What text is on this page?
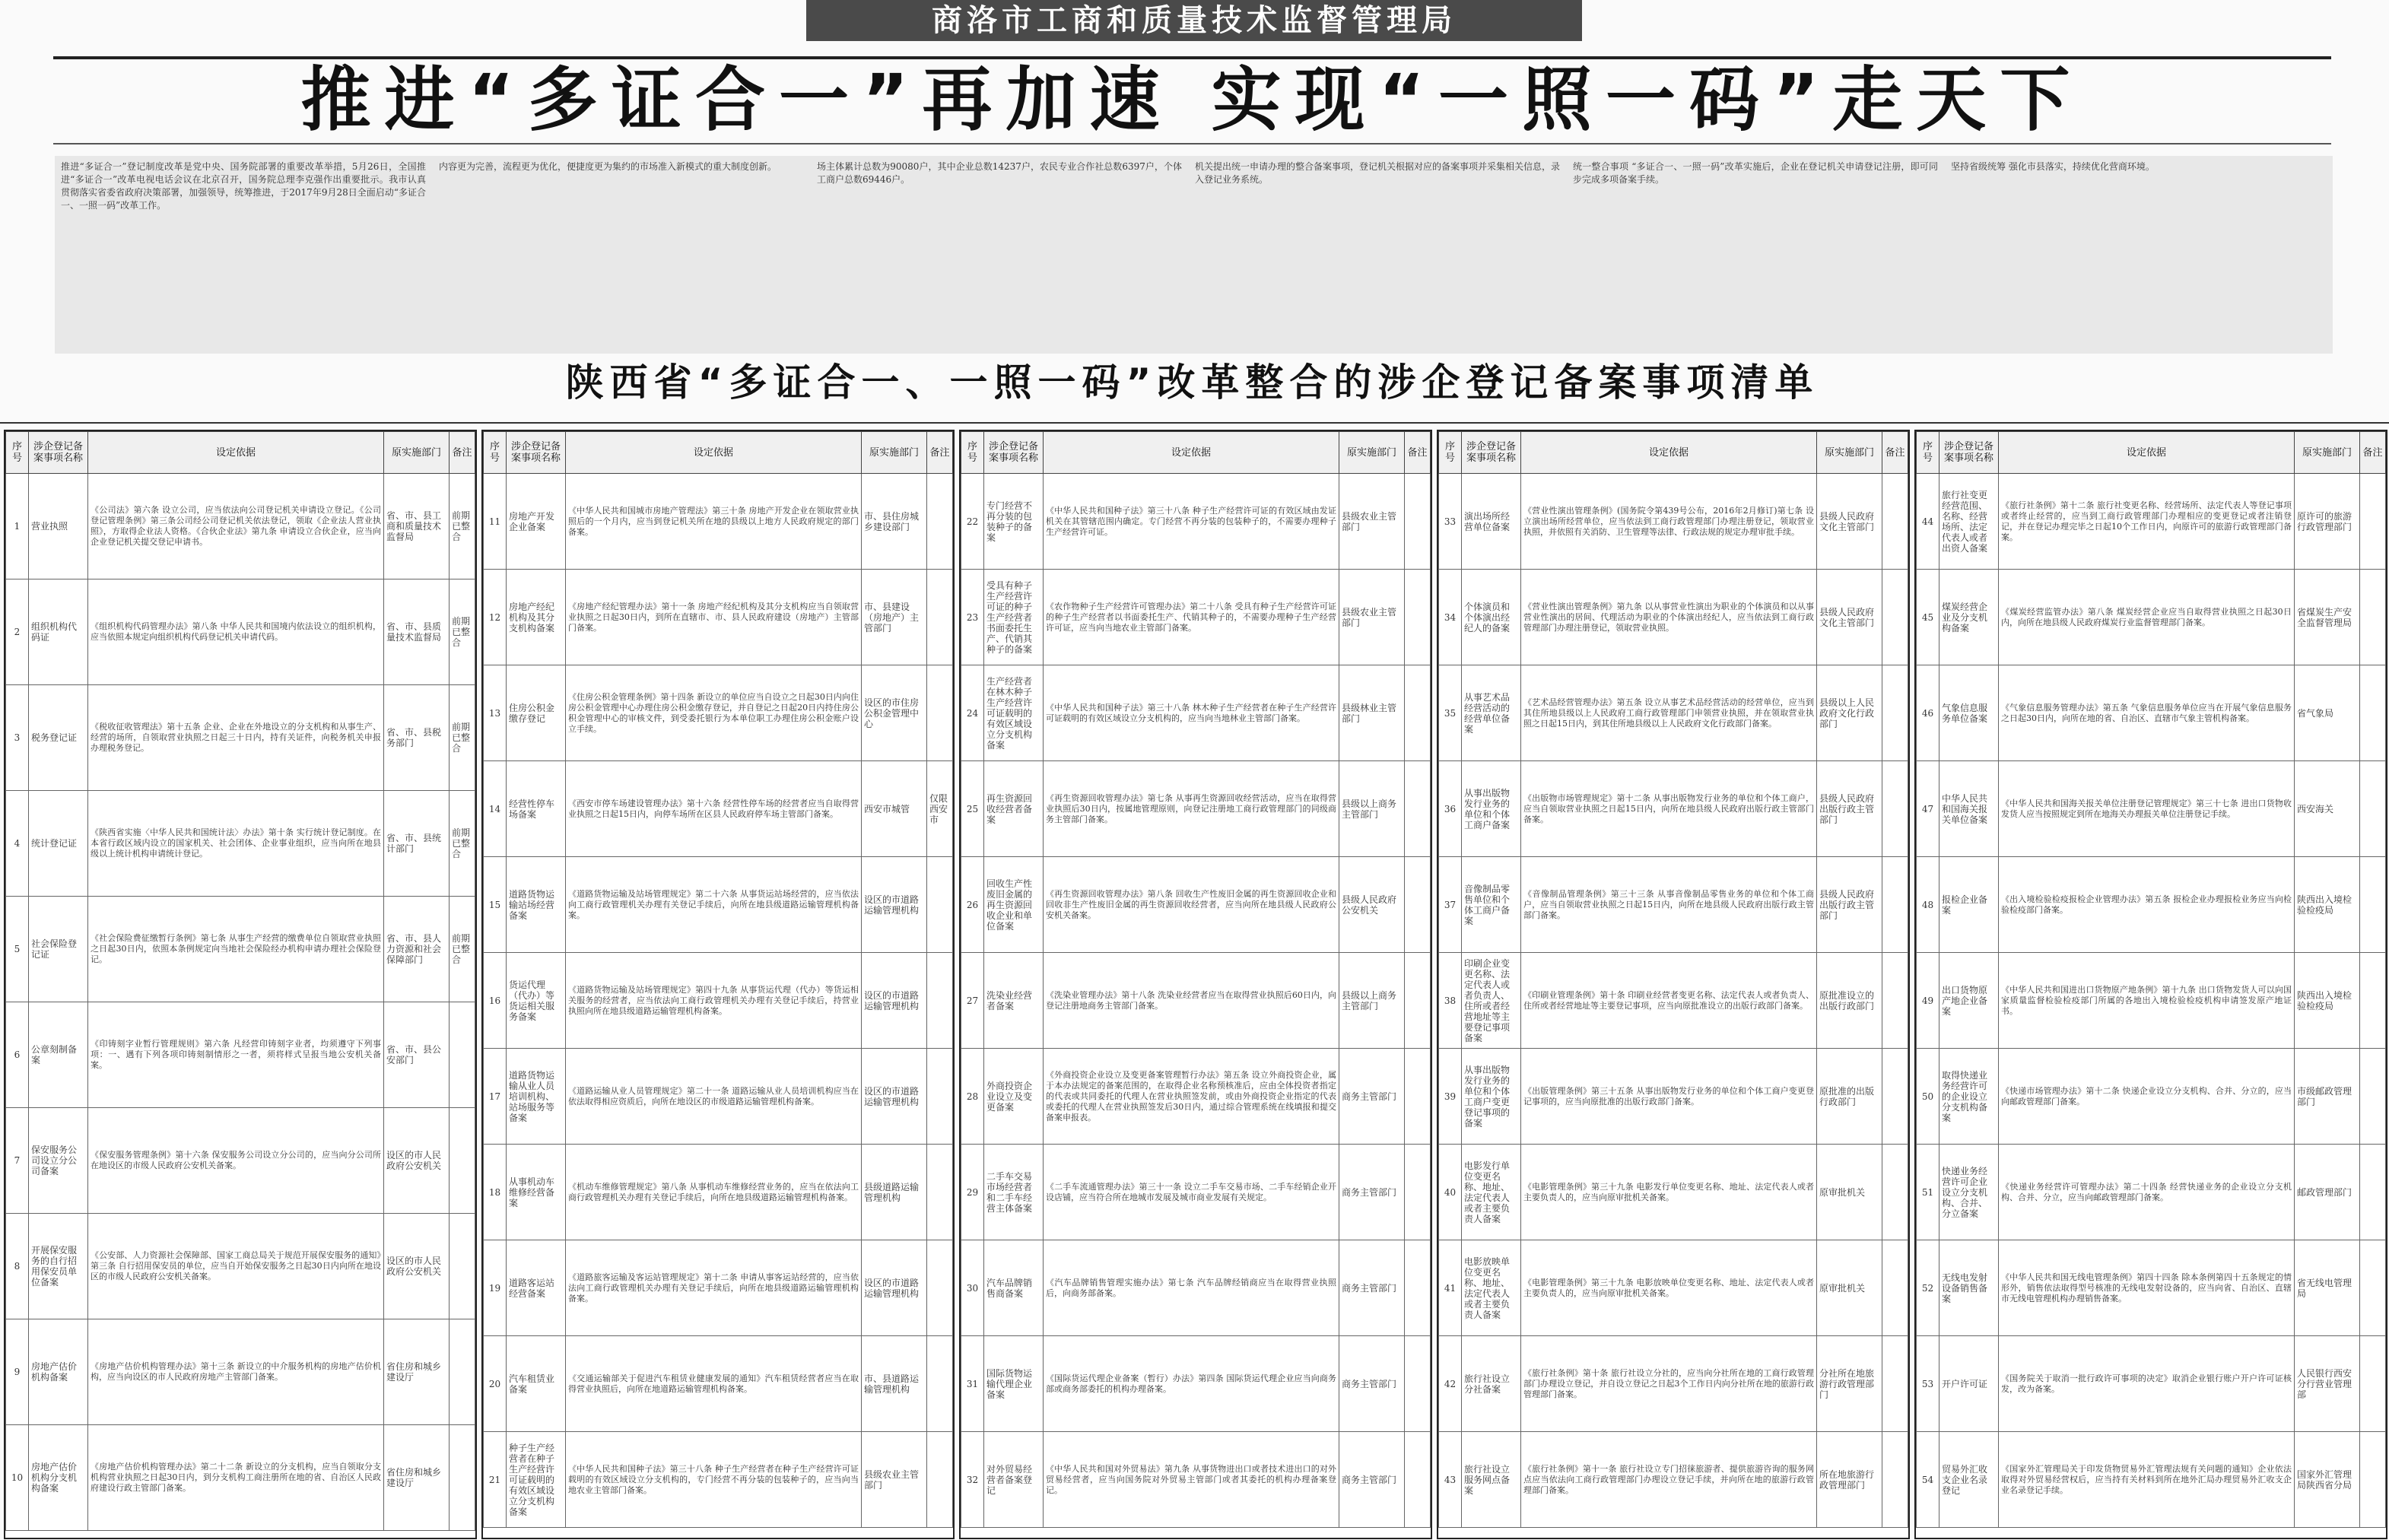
商洛市工商和质量技术监督管理局
推进“多证合一”再加速 实现“一照一码”走天下
推进“多证合一”登记制度改革是党中央、国务院部署的重要改革举措，5月26日，全国推进“多证合一”改革电视电话会议在北京召开，国务院总理李克强作出重要批示。我市认真贯彻落实省委省政府决策部署，加强领导，统筹推进，于2017年9月28日全面启动“多证合一、一照一码”改革工作。
内容更为完善，流程更为优化，便捷度更为集约的市场准入新模式的重大制度创新。	场主体累计总数为90080户，其中企业总数14237户，农民专业合作社总数6397户，个体工商户总数69446户。
机关提出统一申请办理的整合备案事项，登记机关根据对应的备案事项并采集相关信息，录入登记业务系统。
统一整合事项 “多证合一、一照一码”改革实施后，企业在登记机关申请登记注册，即可同步完成多项备案手续。
坚持省级统筹 强化市县落实，持续优化营商环境。
陕西省“多证合一、一照一码”改革整合的涉企登记备案事项清单
序号	涉企登记备案事项名称	设定依据	原实施部门	备注
1	营业执照	《公司法》第六条 设立公司，应当依法向公司登记机关申请设立登记。《公司登记管理条例》第三条公司经公司登记机关依法登记，领取《企业法人营业执照》，方取得企业法人资格。《合伙企业法》第九条 申请设立合伙企业，应当向企业登记机关提交登记申请书。	省、市、县工商和质量技术监督局	前期已整合
2	组织机构代码证	《组织机构代码管理办法》第八条 中华人民共和国境内依法设立的组织机构，应当依照本规定向组织机构代码登记机关申请代码。	省、市、县质量技术监督局	前期已整合
3	税务登记证	《税收征收管理法》第十五条 企业、企业在外地设立的分支机构和从事生产、经营的场所，自领取营业执照之日起三十日内，持有关证件，向税务机关申报办理税务登记。	省、市、县税务部门	前期已整合
4	统计登记证	《陕西省实施〈中华人民共和国统计法〉办法》第十条 实行统计登记制度。在本省行政区域内设立的国家机关、社会团体、企业事业组织，应当向所在地县级以上统计机构申请统计登记。	省、市、县统计部门	前期已整合
5	社会保险登记证	《社会保险费征缴暂行条例》第七条 从事生产经营的缴费单位自领取营业执照之日起30日内，依照本条例规定向当地社会保险经办机构申请办理社会保险登记。	省、市、县人力资源和社会保障部门	前期已整合
6	公章刻制备案	《印铸刻字业暂行管理规则》第六条 凡经营印铸刻字业者，均须遵守下列事项：一、遇有下列各项印铸刻制情形之一者，须将样式呈报当地公安机关备案。	省、市、县公安部门	
7	保安服务公司设立分公司备案	《保安服务管理条例》第十六条 保安服务公司设立分公司的，应当向分公司所在地设区的市级人民政府公安机关备案。	设区的市人民政府公安机关	
8	开展保安服务的自行招用保安员单位备案	《公安部、人力资源社会保障部、国家工商总局关于规范开展保安服务的通知》第三条 自行招用保安员的单位，应当自开始保安服务之日起30日内向所在地设区的市级人民政府公安机关备案。	设区的市人民政府公安机关	
9	房地产估价机构备案	《房地产估价机构管理办法》第十三条 新设立的中介服务机构的房地产估价机构，应当向设区的市人民政府房地产主管部门备案。	省住房和城乡建设厅	
10	房地产估价机构分支机构备案	《房地产估价机构管理办法》第二十二条 新设立的分支机构，应当自领取分支机构营业执照之日起30日内，到分支机构工商注册所在地的省、自治区人民政府建设行政主管部门备案。	省住房和城乡建设厅	
序号	涉企登记备案事项名称	设定依据	原实施部门	备注
11	房地产开发企业备案	《中华人民共和国城市房地产管理法》第三十条 房地产开发企业在领取营业执照后的一个月内，应当到登记机关所在地的县级以上地方人民政府规定的部门备案。	市、县住房城乡建设部门	
12	房地产经纪机构及其分支机构备案	《房地产经纪管理办法》第十一条 房地产经纪机构及其分支机构应当自领取营业执照之日起30日内，到所在直辖市、市、县人民政府建设（房地产）主管部门备案。	市、县建设（房地产）主管部门	
13	住房公积金缴存登记	《住房公积金管理条例》第十四条 新设立的单位应当自设立之日起30日内向住房公积金管理中心办理住房公积金缴存登记，并自登记之日起20日内持住房公积金管理中心的审核文件，到受委托银行为本单位职工办理住房公积金账户设立手续。	设区的市住房公积金管理中心	
14	经营性停车场备案	《西安市停车场建设管理办法》第十六条 经营性停车场的经营者应当自取得营业执照之日起15日内，向停车场所在区县人民政府停车场主管部门备案。	西安市城管	仅限西安市
15	道路货物运输站场经营备案	《道路货物运输及站场管理规定》第二十六条 从事货运站场经营的，应当依法向工商行政管理机关办理有关登记手续后，向所在地县级道路运输管理机构备案。	设区的市道路运输管理机构	
16	货运代理（代办）等货运相关服务备案	《道路货物运输及站场管理规定》第四十九条 从事货运代理（代办）等货运相关服务的经营者，应当依法向工商行政管理机关办理有关登记手续后，持营业执照向所在地县级道路运输管理机构备案。	设区的市道路运输管理机构	
17	道路货物运输从业人员培训机构、站场服务等备案	《道路运输从业人员管理规定》第二十一条 道路运输从业人员培训机构应当在依法取得相应资质后，向所在地设区的市级道路运输管理机构备案。	设区的市道路运输管理机构	
18	从事机动车维修经营备案	《机动车维修管理规定》第八条 从事机动车维修经营业务的，应当在依法向工商行政管理机关办理有关登记手续后，向所在地县级道路运输管理机构备案。	县级道路运输管理机构	
19	道路客运站经营备案	《道路旅客运输及客运站管理规定》第十二条 申请从事客运站经营的，应当依法向工商行政管理机关办理有关登记手续后，向所在地县级道路运输管理机构备案。	设区的市道路运输管理机构	
20	汽车租赁业备案	《交通运输部关于促进汽车租赁业健康发展的通知》汽车租赁经营者应当在取得营业执照后，向所在地道路运输管理机构备案。	市、县道路运输管理机构	
21	种子生产经营者在种子生产经营许可证载明的有效区域设立分支机构备案	《中华人民共和国种子法》第三十八条 种子生产经营者在种子生产经营许可证载明的有效区域设立分支机构的，专门经营不再分装的包装种子的，应当向当地农业主管部门备案。	县级农业主管部门	
序号	涉企登记备案事项名称	设定依据	原实施部门	备注
22	专门经营不再分装的包装种子的备案	《中华人民共和国种子法》第三十八条 种子生产经营许可证的有效区域由发证机关在其管辖范围内确定。专门经营不再分装的包装种子的，不需要办理种子生产经营许可证。	县级农业主管部门	
23	受具有种子生产经营许可证的种子生产经营者书面委托生产、代销其种子的备案	《农作物种子生产经营许可管理办法》第二十八条 受具有种子生产经营许可证的种子生产经营者以书面委托生产、代销其种子的，不需要办理种子生产经营许可证，应当向当地农业主管部门备案。	县级农业主管部门	
24	生产经营者在林木种子生产经营许可证载明的有效区域设立分支机构备案	《中华人民共和国种子法》第三十八条 林木种子生产经营者在种子生产经营许可证载明的有效区域设立分支机构的，应当向当地林业主管部门备案。	县级林业主管部门	
25	再生资源回收经营者备案	《再生资源回收管理办法》第七条 从事再生资源回收经营活动，应当在取得营业执照后30日内，按属地管理原则，向登记注册地工商行政管理部门的同级商务主管部门备案。	县级以上商务主管部门	
26	回收生产性废旧金属的再生资源回收企业和单位备案	《再生资源回收管理办法》第八条 回收生产性废旧金属的再生资源回收企业和回收非生产性废旧金属的再生资源回收经营者，应当向所在地县级人民政府公安机关备案。	县级人民政府公安机关	
27	洗染业经营者备案	《洗染业管理办法》第十八条 洗染业经营者应当在取得营业执照后60日内，向登记注册地商务主管部门备案。	县级以上商务主管部门	
28	外商投资企业设立及变更备案	《外商投资企业设立及变更备案管理暂行办法》第五条 设立外商投资企业，属于本办法规定的备案范围的，在取得企业名称预核准后，应由全体投资者指定的代表或共同委托的代理人在营业执照签发前，或由外商投资企业指定的代表或委托的代理人在营业执照签发后30日内，通过综合管理系统在线填报和提交备案申报表。	商务主管部门	
29	二手车交易市场经营者和二手车经营主体备案	《二手车流通管理办法》第三十一条 设立二手车交易市场、二手车经销企业开设店铺，应当符合所在地城市发展及城市商业发展有关规定。	商务主管部门	
30	汽车品牌销售商备案	《汽车品牌销售管理实施办法》第七条 汽车品牌经销商应当在取得营业执照后，向商务部备案。	商务主管部门	
31	国际货物运输代理企业备案	《国际货运代理企业备案（暂行）办法》第四条 国际货运代理企业应当向商务部或商务部委托的机构办理备案。	商务主管部门	
32	对外贸易经营者备案登记	《中华人民共和国对外贸易法》第九条 从事货物进出口或者技术进出口的对外贸易经营者，应当向国务院对外贸易主管部门或者其委托的机构办理备案登记。	商务主管部门	
序号	涉企登记备案事项名称	设定依据	原实施部门	备注
33	演出场所经营单位备案	《营业性演出管理条例》(国务院令第439号公布，2016年2月修订)第七条 设立演出场所经营单位，应当依法到工商行政管理部门办理注册登记，领取营业执照，并依照有关消防、卫生管理等法律、行政法规的规定办理审批手续。	县级人民政府文化主管部门	
34	个体演员和个体演出经纪人的备案	《营业性演出管理条例》第九条 以从事营业性演出为职业的个体演员和以从事营业性演出的居间、代理活动为职业的个体演出经纪人，应当依法到工商行政管理部门办理注册登记，领取营业执照。	县级人民政府文化主管部门	
35	从事艺术品经营活动的经营单位备案	《艺术品经营管理办法》第五条 设立从事艺术品经营活动的经营单位，应当到其住所地县级以上人民政府工商行政管理部门申领营业执照，并在领取营业执照之日起15日内，到其住所地县级以上人民政府文化行政部门备案。	县级以上人民政府文化行政部门	
36	从事出版物发行业务的单位和个体工商户备案	《出版物市场管理规定》第十二条 从事出版物发行业务的单位和个体工商户，应当自领取营业执照之日起15日内，向所在地县级人民政府出版行政主管部门备案。	县级人民政府出版行政主管部门	
37	音像制品零售单位和个体工商户备案	《音像制品管理条例》第三十三条 从事音像制品零售业务的单位和个体工商户，应当自领取营业执照之日起15日内，向所在地县级人民政府出版行政主管部门备案。	县级人民政府出版行政主管部门	
38	印刷企业变更名称、法定代表人或者负责人、住所或者经营地址等主要登记事项备案	《印刷业管理条例》第十条 印刷业经营者变更名称、法定代表人或者负责人、住所或者经营地址等主要登记事项，应当向原批准设立的出版行政部门备案。	原批准设立的出版行政部门	
39	从事出版物发行业务的单位和个体工商户变更登记事项的备案	《出版管理条例》第三十五条 从事出版物发行业务的单位和个体工商户变更登记事项的，应当向原批准的出版行政部门备案。	原批准的出版行政部门	
40	电影发行单位变更名称、地址、法定代表人或者主要负责人备案	《电影管理条例》第三十九条 电影发行单位变更名称、地址、法定代表人或者主要负责人的，应当向原审批机关备案。	原审批机关	
41	电影放映单位变更名称、地址、法定代表人或者主要负责人备案	《电影管理条例》第三十九条 电影放映单位变更名称、地址、法定代表人或者主要负责人的，应当向原审批机关备案。	原审批机关	
42	旅行社设立分社备案	《旅行社条例》第十条 旅行社设立分社的，应当向分社所在地的工商行政管理部门办理设立登记，并自设立登记之日起3个工作日内向分社所在地的旅游行政管理部门备案。	分社所在地旅游行政管理部门	
43	旅行社设立服务网点备案	《旅行社条例》第十一条 旅行社设立专门招徕旅游者、提供旅游咨询的服务网点应当依法向工商行政管理部门办理设立登记手续，并向所在地的旅游行政管理部门备案。	所在地旅游行政管理部门	
序号	涉企登记备案事项名称	设定依据	原实施部门	备注
44	旅行社变更经营范围、名称、经营场所、法定代表人或者出资人备案	《旅行社条例》第十二条 旅行社变更名称、经营场所、法定代表人等登记事项或者终止经营的，应当到工商行政管理部门办理相应的变更登记或者注销登记，并在登记办理完毕之日起10个工作日内，向原许可的旅游行政管理部门备案。	原许可的旅游行政管理部门	
45	煤炭经营企业及分支机构备案	《煤炭经营监管办法》第八条 煤炭经营企业应当自取得营业执照之日起30日内，向所在地县级人民政府煤炭行业监督管理部门备案。	省煤炭生产安全监督管理局	
46	气象信息服务单位备案	《气象信息服务管理办法》第五条 气象信息服务单位应当在开展气象信息服务之日起30日内，向所在地的省、自治区、直辖市气象主管机构备案。	省气象局	
47	中华人民共和国海关报关单位备案	《中华人民共和国海关报关单位注册登记管理规定》第三十七条 进出口货物收发货人应当按照规定到所在地海关办理报关单位注册登记手续。	西安海关	
48	报检企业备案	《出入境检验检疫报检企业管理办法》第五条 报检企业办理报检业务应当向检验检疫部门备案。	陕西出入境检验检疫局	
49	出口货物原产地企业备案	《中华人民共和国进出口货物原产地条例》第十九条 出口货物发货人可以向国家质量监督检验检疫部门所属的各地出入境检验检疫机构申请签发原产地证书。	陕西出入境检验检疫局	
50	取得快递业务经营许可的企业设立分支机构备案	《快递市场管理办法》第十二条 快递企业设立分支机构、合并、分立的，应当向邮政管理部门备案。	市级邮政管理部门	
51	快递业务经营许可企业设立分支机构、合并、分立备案	《快递业务经营许可管理办法》第二十四条 经营快递业务的企业设立分支机构、合并、分立，应当向邮政管理部门备案。	邮政管理部门	
52	无线电发射设备销售备案	《中华人民共和国无线电管理条例》第四十四条 除本条例第四十五条规定的情形外，销售依法取得型号核准的无线电发射设备的，应当向省、自治区、直辖市无线电管理机构办理销售备案。	省无线电管理局	
53	开户许可证	《国务院关于取消一批行政许可事项的决定》取消企业银行账户开户许可证核发，改为备案。	人民银行西安分行营业管理部	
54	贸易外汇收支企业名录登记	《国家外汇管理局关于印发货物贸易外汇管理法规有关问题的通知》企业依法取得对外贸易经营权后，应当持有关材料到所在地外汇局办理贸易外汇收支企业名录登记手续。	国家外汇管理局陕西省分局	
